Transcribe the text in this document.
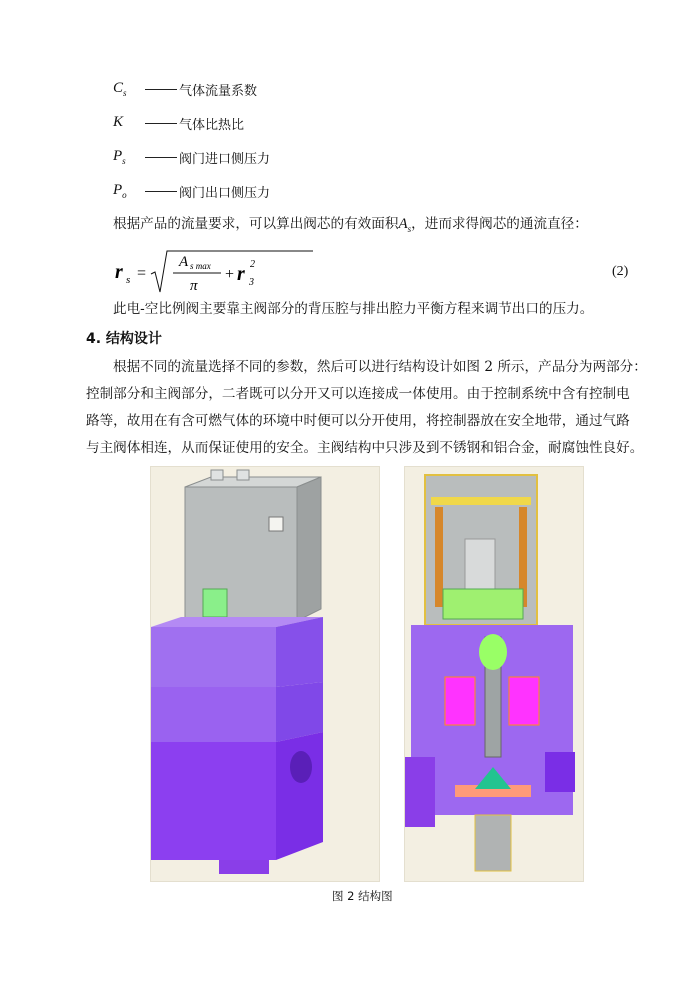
$C_s$	气体流量系数
K	气体比热比
$P_s$	阀门进口侧压力
$P_o$	阀门出口侧压力
根据产品的流量要求，可以算出阀芯的有效面积$A_s$，进而求得阀芯的通流直径：
r s =
A s max
π
+ r 3
2	(2)
此电-空比例阀主要靠主阀部分的背压腔与排出腔力平衡方程来调节出口的压力。
4. 结构设计
根据不同的流量选择不同的参数，然后可以进行结构设计如图 2 所示，产品分为两部分：
控制部分和主阀部分，二者既可以分开又可以连接成一体使用。由于控制系统中含有控制电
路等，故用在有含可燃气体的环境中时便可以分开使用，将控制器放在安全地带，通过气路
与主阀体相连，从而保证使用的安全。主阀结构中只涉及到不锈钢和铝合金，耐腐蚀性良好。
图 2 结构图
